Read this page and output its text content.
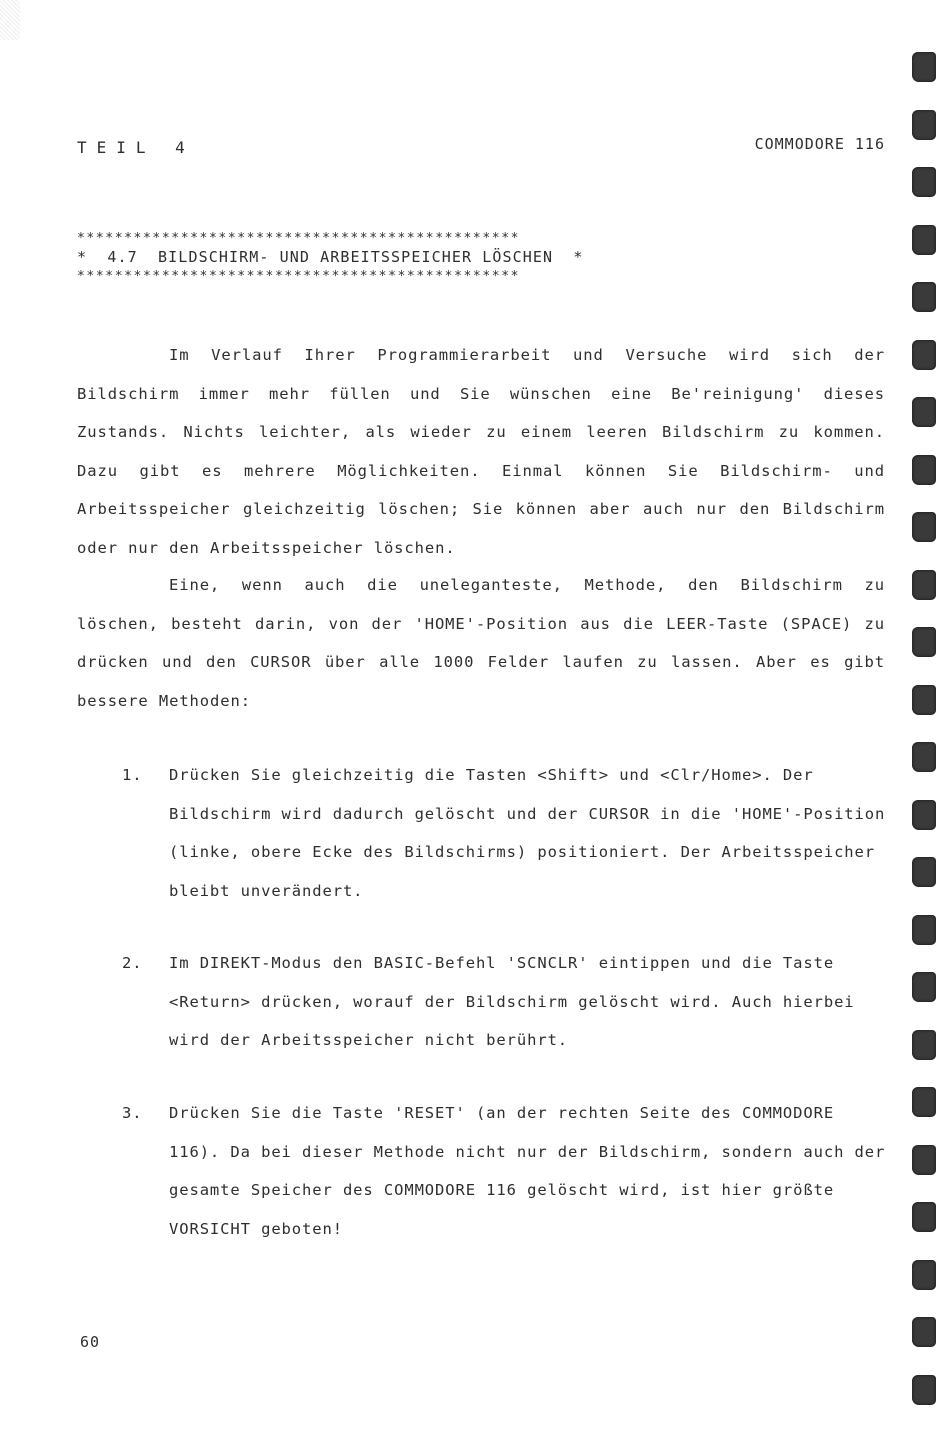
TEIL 4	COMMODORE 116
***********************************************
*  4.7  BILDSCHIRM- UND ARBEITSSPEICHER LÖSCHEN  *
***********************************************

Im Verlauf Ihrer Programmierarbeit und Versuche wird sich der Bildschirm immer mehr füllen und Sie wünschen eine Be'reinigung' dieses Zustands. Nichts leichter, als wieder zu einem leeren Bildschirm zu kommen. Dazu gibt es mehrere Möglichkeiten. Einmal können Sie Bildschirm- und Arbeitsspeicher gleichzeitig löschen; Sie können aber auch nur den Bildschirm oder nur den Arbeitsspeicher löschen.

Eine, wenn auch die uneleganteste, Methode, den Bildschirm zu löschen, besteht darin, von der 'HOME'-Position aus die LEER-Taste (SPACE) zu drücken und den CURSOR über alle 1000 Felder laufen zu lassen. Aber es gibt bessere Methoden:

1. Drücken Sie gleichzeitig die Tasten <Shift> und <Clr/Home>. Der Bildschirm wird dadurch gelöscht und der CURSOR in die 'HOME'-Position (linke, obere Ecke des Bildschirms) positioniert. Der Arbeitsspeicher bleibt unverändert.
2. Im DIREKT-Modus den BASIC-Befehl 'SCNCLR' eintippen und die Taste <Return> drücken, worauf der Bildschirm gelöscht wird. Auch hierbei wird der Arbeitsspeicher nicht berührt.
3. Drücken Sie die Taste 'RESET' (an der rechten Seite des COMMODORE 116). Da bei dieser Methode nicht nur der Bildschirm, sondern auch der gesamte Speicher des COMMODORE 116 gelöscht wird, ist hier größte VORSICHT geboten!
60
